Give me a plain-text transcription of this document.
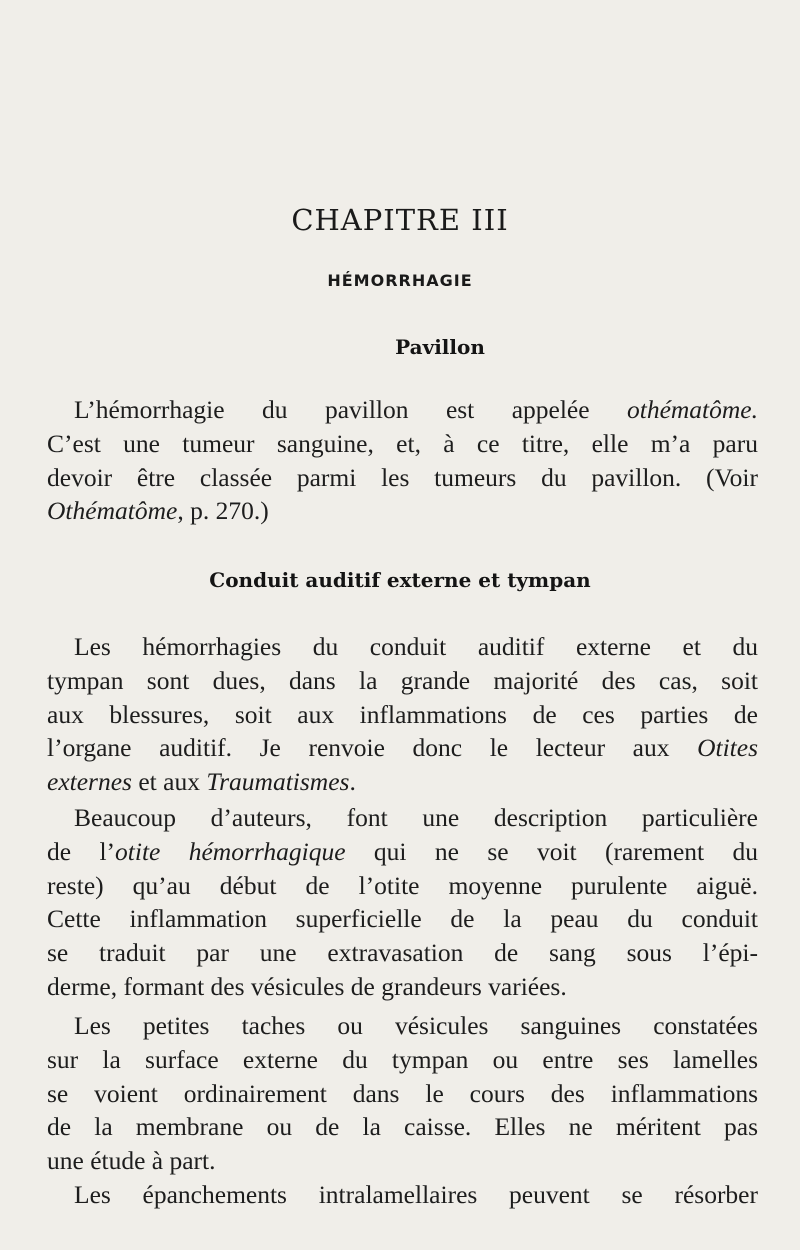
CHAPITRE III
HÉMORRHAGIE
Pavillon
L’hémorrhagie du pavillon est appelée othématôme.
C’est une tumeur sanguine, et, à ce titre, elle m’a paru
devoir être classée parmi les tumeurs du pavillon. (Voir
Othématôme, p. 270.)
Conduit auditif externe et tympan
Les hémorrhagies du conduit auditif externe et du
tympan sont dues, dans la grande majorité des cas, soit
aux blessures, soit aux inflammations de ces parties de
l’organe auditif. Je renvoie donc le lecteur aux Otites
externes et aux Traumatismes.
Beaucoup d’auteurs, font une description particulière
de l’otite hémorrhagique qui ne se voit (rarement du
reste) qu’au début de l’otite moyenne purulente aiguë.
Cette inflammation superficielle de la peau du conduit
se traduit par une extravasation de sang sous l’épi-
derme, formant des vésicules de grandeurs variées.
Les petites taches ou vésicules sanguines constatées
sur la surface externe du tympan ou entre ses lamelles
se voient ordinairement dans le cours des inflammations
de la membrane ou de la caisse. Elles ne méritent pas
une étude à part.
Les épanchements intralamellaires peuvent se résorber
